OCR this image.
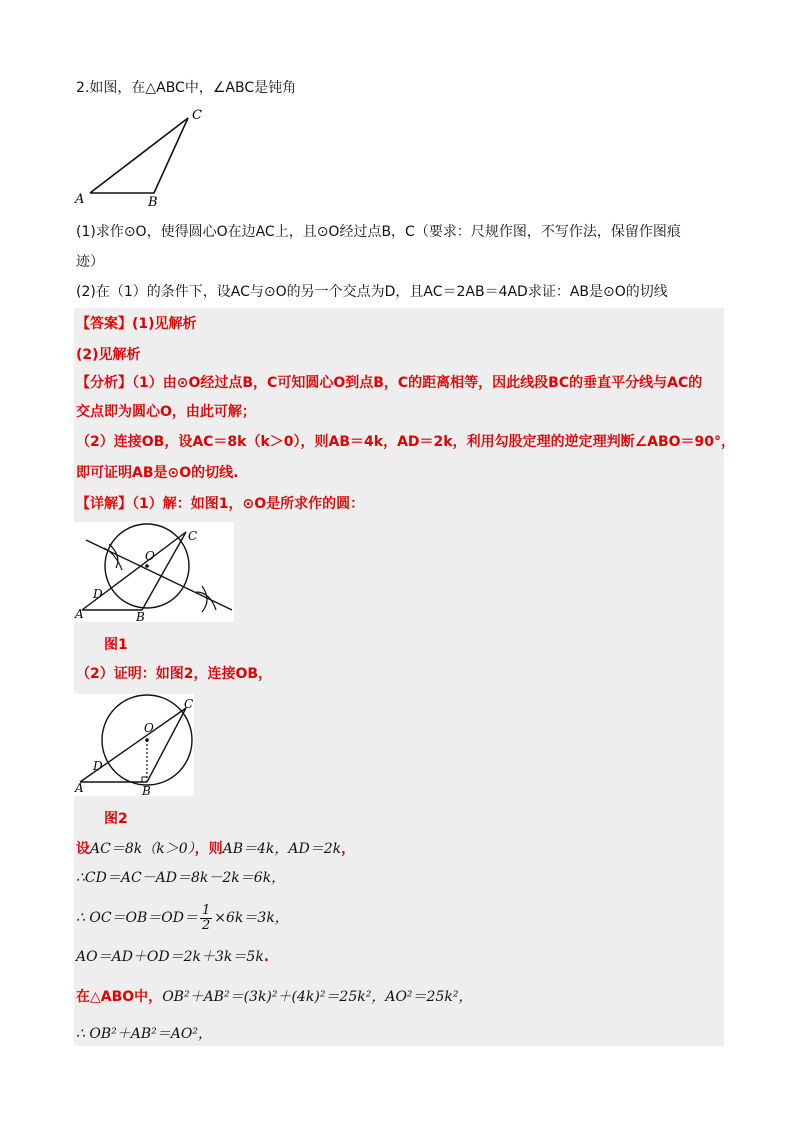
2.如图，在△ABC中，∠ABC是钝角
A	B
C
(1)求作⊙O，使得圆心O在边AC上，且⊙O经过点B，C（要求：尺规作图，不写作法，保留作图痕
迹）
(2)在（1）的条件下，设AC与⊙O的另一个交点为D，且AC＝2AB＝4AD求证：AB是⊙O的切线
【答案】(1)见解析
(2)见解析
【分析】（1）由⊙O经过点B，C可知圆心O到点B，C的距离相等，因此线段BC的垂直平分线与AC的
交点即为圆心O，由此可解；
（2）连接OB，设AC＝8k（k＞0），则AB＝4k，AD＝2k，利用勾股定理的逆定理判断∠ABO＝90°，
即可证明AB是⊙O的切线.
【详解】（1）解：如图1，⊙O是所求作的圆：
O
C
D
A	B
图1
（2）证明：如图2，连接OB，
O
C
D
A	B
图2
设AC＝8k（k＞0），则AB＝4k，AD＝2k，
∴CD＝AC－AD＝8k－2k＝6k，
∴ $OC=OB=OD= \frac{1}{2} \times 6k=3k$，
AO＝AD＋OD＝2k＋3k＝5k.
在△ABO中，OB²＋AB²＝(3k)²＋(4k)²＝25k²，AO²＝25k²，
∴ OB²＋AB²＝AO²，
